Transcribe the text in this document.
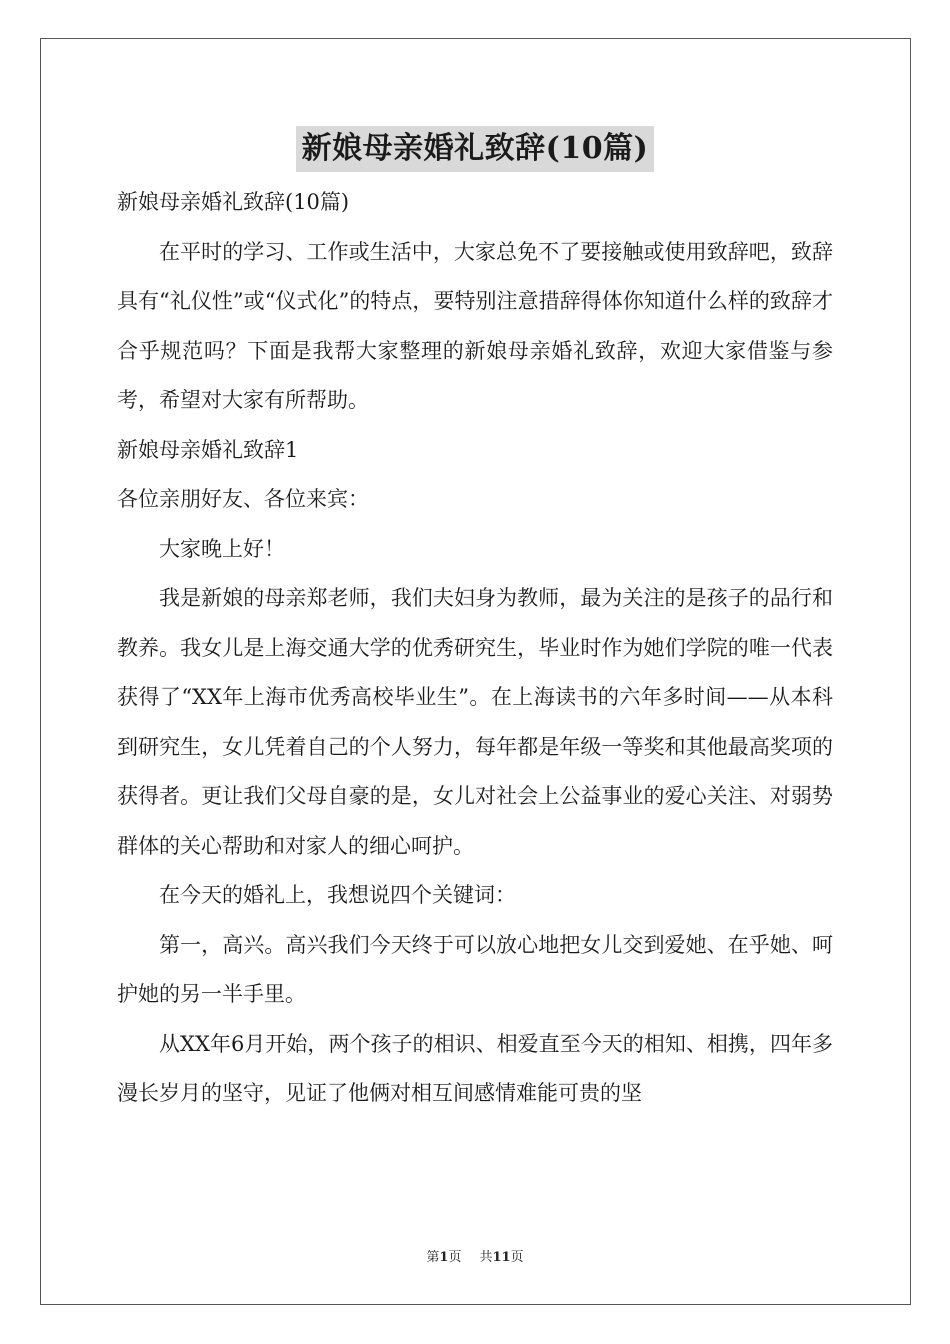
新娘母亲婚礼致辞(10篇)

新娘母亲婚礼致辞(10篇)

在平时的学习、工作或生活中，大家总免不了要接触或使用致辞吧，致辞具有“礼仪性”或“仪式化”的特点，要特别注意措辞得体你知道什么样的致辞才合乎规范吗？下面是我帮大家整理的新娘母亲婚礼致辞，欢迎大家借鉴与参考，希望对大家有所帮助。

新娘母亲婚礼致辞1

各位亲朋好友、各位来宾：

大家晚上好！

我是新娘的母亲郑老师，我们夫妇身为教师，最为关注的是孩子的品行和教养。我女儿是上海交通大学的优秀研究生，毕业时作为她们学院的唯一代表获得了“XX年上海市优秀高校毕业生”。在上海读书的六年多时间——从本科到研究生，女儿凭着自己的个人努力，每年都是年级一等奖和其他最高奖项的获得者。更让我们父母自豪的是，女儿对社会上公益事业的爱心关注、对弱势群体的关心帮助和对家人的细心呵护。

在今天的婚礼上，我想说四个关键词：

第一，高兴。高兴我们今天终于可以放心地把女儿交到爱她、在乎她、呵护她的另一半手里。

从XX年6月开始，两个孩子的相识、相爱直至今天的相知、相携，四年多漫长岁月的坚守，见证了他俩对相互间感情难能可贵的坚

第1页 共11页
